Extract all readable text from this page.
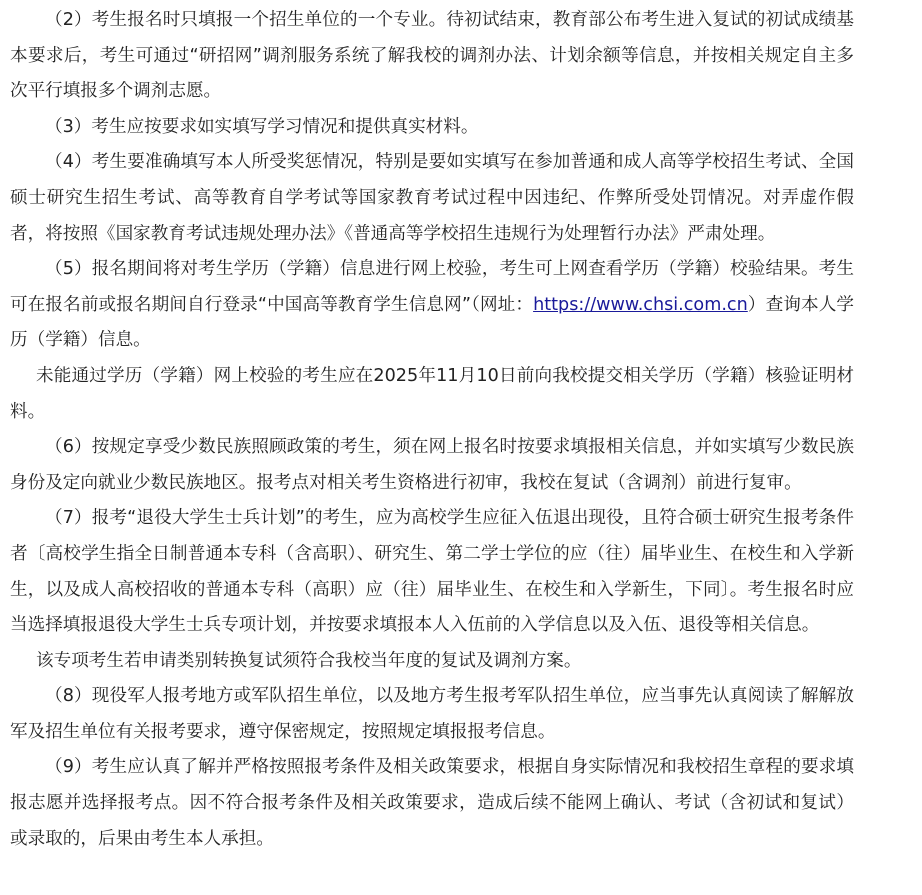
（2）考生报名时只填报一个招生单位的一个专业。待初试结束，教育部公布考生进入复试的初试成绩基本要求后，考生可通过“研招网”调剂服务系统了解我校的调剂办法、计划余额等信息，并按相关规定自主多次平行填报多个调剂志愿。

（3）考生应按要求如实填写学习情况和提供真实材料。

（4）考生要准确填写本人所受奖惩情况，特别是要如实填写在参加普通和成人高等学校招生考试、全国硕士研究生招生考试、高等教育自学考试等国家教育考试过程中因违纪、作弊所受处罚情况。对弄虚作假者，将按照《国家教育考试违规处理办法》《普通高等学校招生违规行为处理暂行办法》严肃处理。

（5）报名期间将对考生学历（学籍）信息进行网上校验，考生可上网查看学历（学籍）校验结果。考生可在报名前或报名期间自行登录“中国高等教育学生信息网”（网址：https://www.chsi.com.cn）查询本人学历（学籍）信息。

未能通过学历（学籍）网上校验的考生应在2025年11月10日前向我校提交相关学历（学籍）核验证明材料。

（6）按规定享受少数民族照顾政策的考生，须在网上报名时按要求填报相关信息，并如实填写少数民族身份及定向就业少数民族地区。报考点对相关考生资格进行初审，我校在复试（含调剂）前进行复审。

（7）报考“退役大学生士兵计划”的考生，应为高校学生应征入伍退出现役，且符合硕士研究生报考条件者〔高校学生指全日制普通本专科（含高职）、研究生、第二学士学位的应（往）届毕业生、在校生和入学新生，以及成人高校招收的普通本专科（高职）应（往）届毕业生、在校生和入学新生，下同〕。考生报名时应当选择填报退役大学生士兵专项计划，并按要求填报本人入伍前的入学信息以及入伍、退役等相关信息。

该专项考生若申请类别转换复试须符合我校当年度的复试及调剂方案。

（8）现役军人报考地方或军队招生单位，以及地方考生报考军队招生单位，应当事先认真阅读了解解放军及招生单位有关报考要求，遵守保密规定，按照规定填报报考信息。

（9）考生应认真了解并严格按照报考条件及相关政策要求，根据自身实际情况和我校招生章程的要求填报志愿并选择报考点。因不符合报考条件及相关政策要求，造成后续不能网上确认、考试（含初试和复试）或录取的，后果由考生本人承担。
